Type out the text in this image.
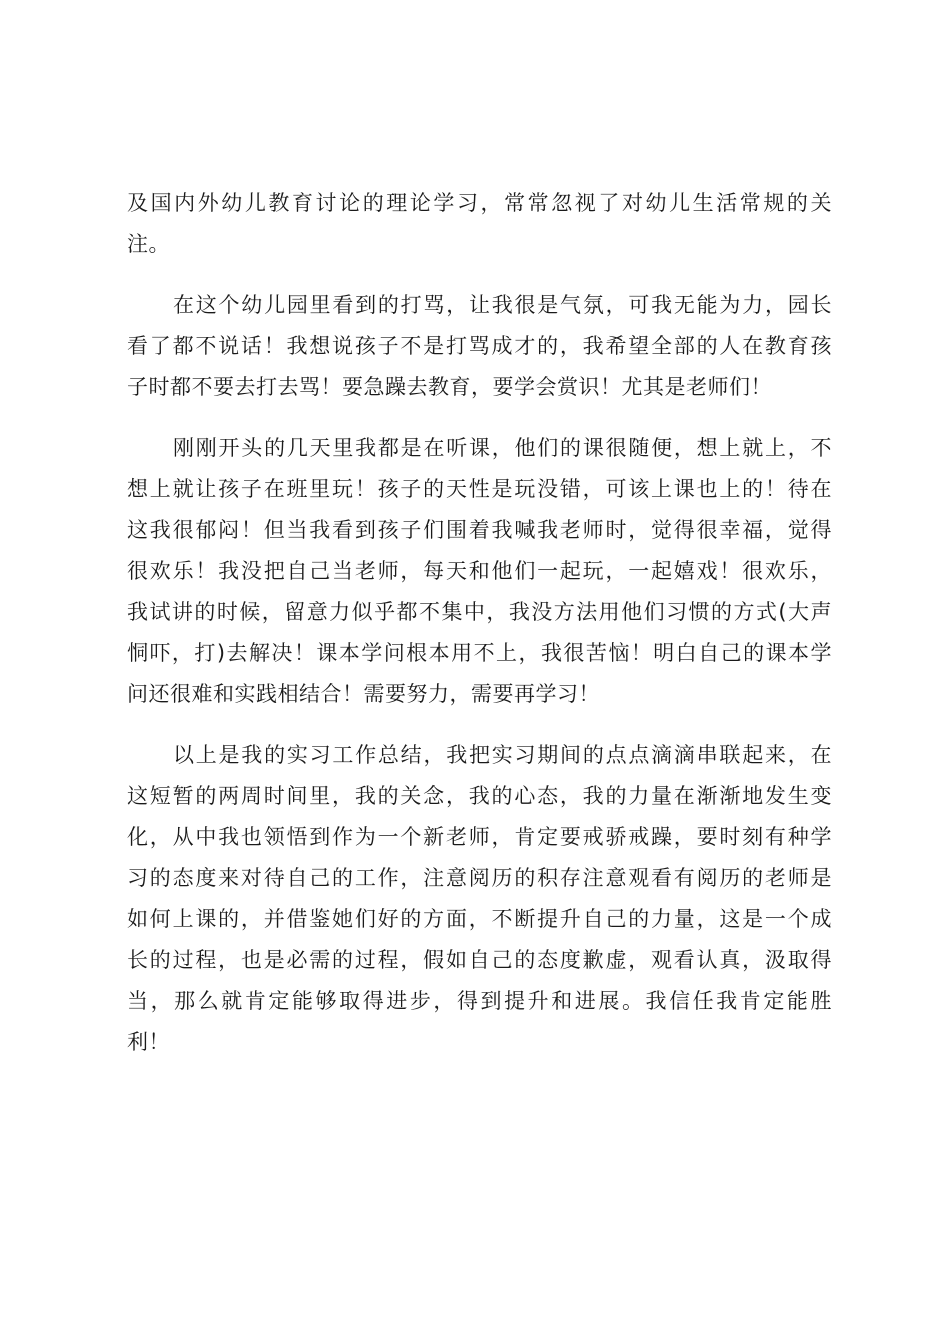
及国内外幼儿教育讨论的理论学习，常常忽视了对幼儿生活常规的关
注。
在这个幼儿园里看到的打骂，让我很是气氛，可我无能为力，园长
看了都不说话！我想说孩子不是打骂成才的，我希望全部的人在教育孩
子时都不要去打去骂！要急躁去教育，要学会赏识！尤其是老师们！
刚刚开头的几天里我都是在听课，他们的课很随便，想上就上，不
想上就让孩子在班里玩！孩子的天性是玩没错，可该上课也上的！待在
这我很郁闷！但当我看到孩子们围着我喊我老师时，觉得很幸福，觉得
很欢乐！我没把自己当老师，每天和他们一起玩，一起嬉戏！很欢乐，
我试讲的时候，留意力似乎都不集中，我没方法用他们习惯的方式(大声
恫吓，打)去解决！课本学问根本用不上，我很苦恼！明白自己的课本学
问还很难和实践相结合！需要努力，需要再学习！
以上是我的实习工作总结，我把实习期间的点点滴滴串联起来，在
这短暂的两周时间里，我的关念，我的心态，我的力量在渐渐地发生变
化，从中我也领悟到作为一个新老师，肯定要戒骄戒躁，要时刻有种学
习的态度来对待自己的工作，注意阅历的积存注意观看有阅历的老师是
如何上课的，并借鉴她们好的方面，不断提升自己的力量，这是一个成
长的过程，也是必需的过程，假如自己的态度歉虚，观看认真，汲取得
当，那么就肯定能够取得进步，得到提升和进展。我信任我肯定能胜
利！
